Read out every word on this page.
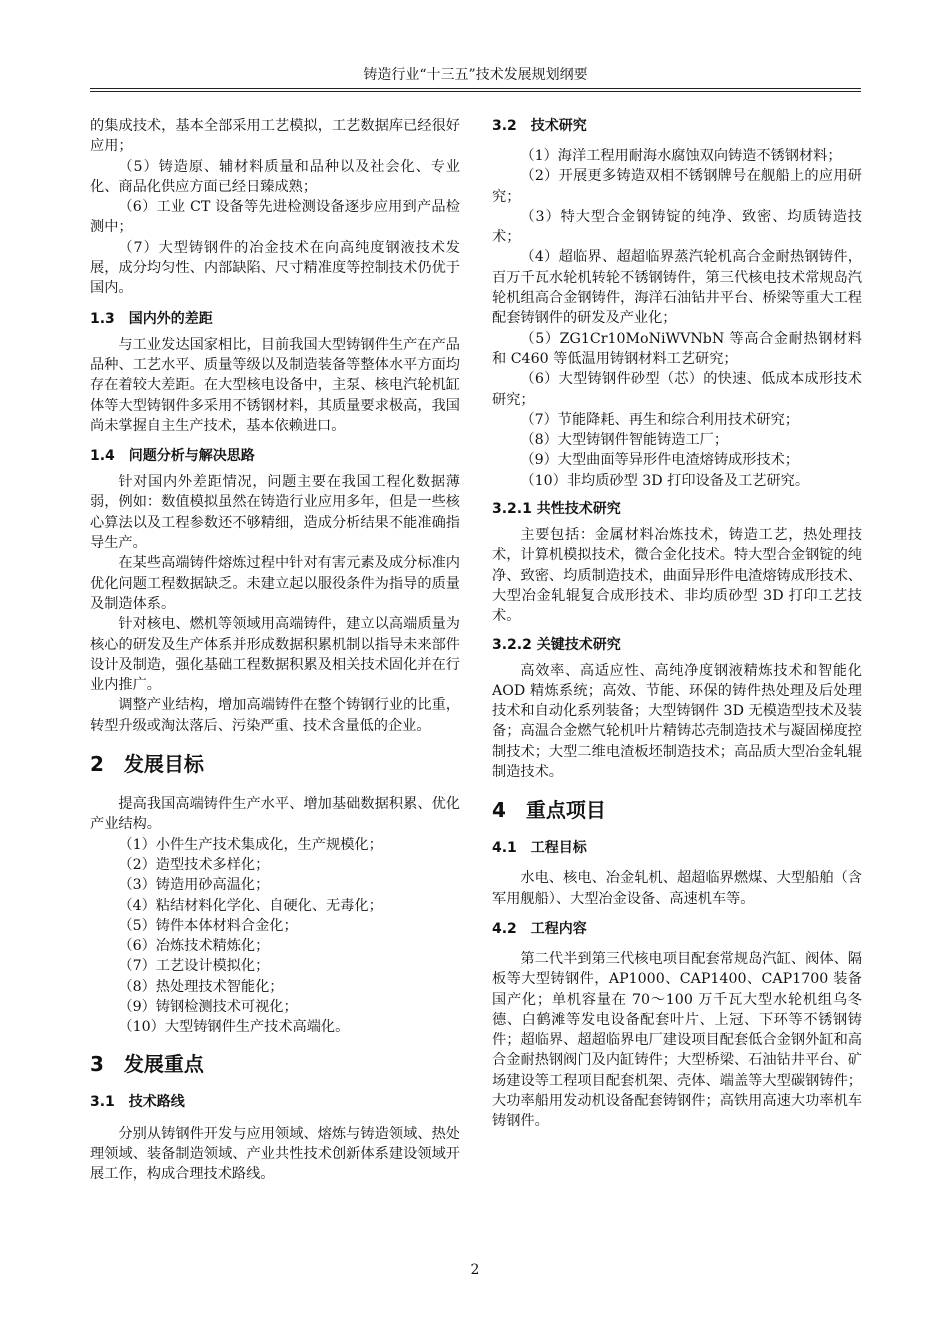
铸造行业“十三五”技术发展规划纲要

的集成技术，基本全部采用工艺模拟，工艺数据库已经很好应用；

（5）铸造原、辅材料质量和品种以及社会化、专业化、商品化供应方面已经日臻成熟；

（6）工业 CT 设备等先进检测设备逐步应用到产品检测中；

（7）大型铸钢件的冶金技术在向高纯度钢液技术发展，成分均匀性、内部缺陷、尺寸精准度等控制技术仍优于国内。

1.3　国内外的差距

与工业发达国家相比，目前我国大型铸钢件生产在产品品种、工艺水平、质量等级以及制造装备等整体水平方面均存在着较大差距。在大型核电设备中，主泵、核电汽轮机缸体等大型铸钢件多采用不锈钢材料，其质量要求极高，我国尚未掌握自主生产技术，基本依赖进口。

1.4　问题分析与解决思路

针对国内外差距情况，问题主要在我国工程化数据薄弱，例如：数值模拟虽然在铸造行业应用多年，但是一些核心算法以及工程参数还不够精细，造成分析结果不能准确指导生产。

在某些高端铸件熔炼过程中针对有害元素及成分标准内优化问题工程数据缺乏。未建立起以服役条件为指导的质量及制造体系。

针对核电、燃机等领域用高端铸件，建立以高端质量为核心的研发及生产体系并形成数据积累机制以指导未来部件设计及制造，强化基础工程数据积累及相关技术固化并在行业内推广。

调整产业结构，增加高端铸件在整个铸钢行业的比重，转型升级或淘汰落后、污染严重、技术含量低的企业。

2　发展目标

提高我国高端铸件生产水平、增加基础数据积累、优化产业结构。

（1）小件生产技术集成化，生产规模化；

（2）造型技术多样化；

（3）铸造用砂高温化；

（4）粘结材料化学化、自硬化、无毒化；

（5）铸件本体材料合金化；

（6）冶炼技术精炼化；

（7）工艺设计模拟化；

（8）热处理技术智能化；

（9）铸钢检测技术可视化；

（10）大型铸钢件生产技术高端化。

3　发展重点
3.1　技术路线

分别从铸钢件开发与应用领域、熔炼与铸造领域、热处理领域、装备制造领域、产业共性技术创新体系建设领域开展工作，构成合理技术路线。

3.2　技术研究

（1）海洋工程用耐海水腐蚀双向铸造不锈钢材料；

（2）开展更多铸造双相不锈钢牌号在舰船上的应用研究；

（3）特大型合金钢铸锭的纯净、致密、均质铸造技术；

（4）超临界、超超临界蒸汽轮机高合金耐热钢铸件，百万千瓦水轮机转轮不锈钢铸件，第三代核电技术常规岛汽轮机组高合金钢铸件，海洋石油钻井平台、桥梁等重大工程配套铸钢件的研发及产业化；

（5）ZG1Cr10MoNiWVNbN 等高合金耐热钢材料和 C460 等低温用铸钢材料工艺研究；

（6）大型铸钢件砂型（芯）的快速、低成本成形技术研究；

（7）节能降耗、再生和综合利用技术研究；

（8）大型铸钢件智能铸造工厂；

（9）大型曲面等异形件电渣熔铸成形技术；

（10）非均质砂型 3D 打印设备及工艺研究。

3.2.1 共性技术研究

主要包括：金属材料冶炼技术，铸造工艺，热处理技术，计算机模拟技术，微合金化技术。特大型合金钢锭的纯净、致密、均质制造技术，曲面异形件电渣熔铸成形技术、大型冶金轧辊复合成形技术、非均质砂型 3D 打印工艺技术。

3.2.2 关键技术研究

高效率、高适应性、高纯净度钢液精炼技术和智能化 AOD 精炼系统；高效、节能、环保的铸件热处理及后处理技术和自动化系列装备；大型铸钢件 3D 无模造型技术及装备；高温合金燃气轮机叶片精铸芯壳制造技术与凝固梯度控制技术；大型二维电渣板坯制造技术；高品质大型冶金轧辊制造技术。

4　重点项目
4.1　工程目标

水电、核电、冶金轧机、超超临界燃煤、大型船舶（含军用舰船）、大型冶金设备、高速机车等。

4.2　工程内容

第二代半到第三代核电项目配套常规岛汽缸、阀体、隔板等大型铸钢件，AP1000、CAP1400、CAP1700 装备国产化；单机容量在 70～100 万千瓦大型水轮机组乌冬德、白鹤滩等发电设备配套叶片、上冠、下环等不锈钢铸件；超临界、超超临界电厂建设项目配套低合金钢外缸和高合金耐热钢阀门及内缸铸件；大型桥梁、石油钻井平台、矿场建设等工程项目配套机架、壳体、端盖等大型碳钢铸件；大功率船用发动机设备配套铸钢件；高铁用高速大功率机车铸钢件。

2
